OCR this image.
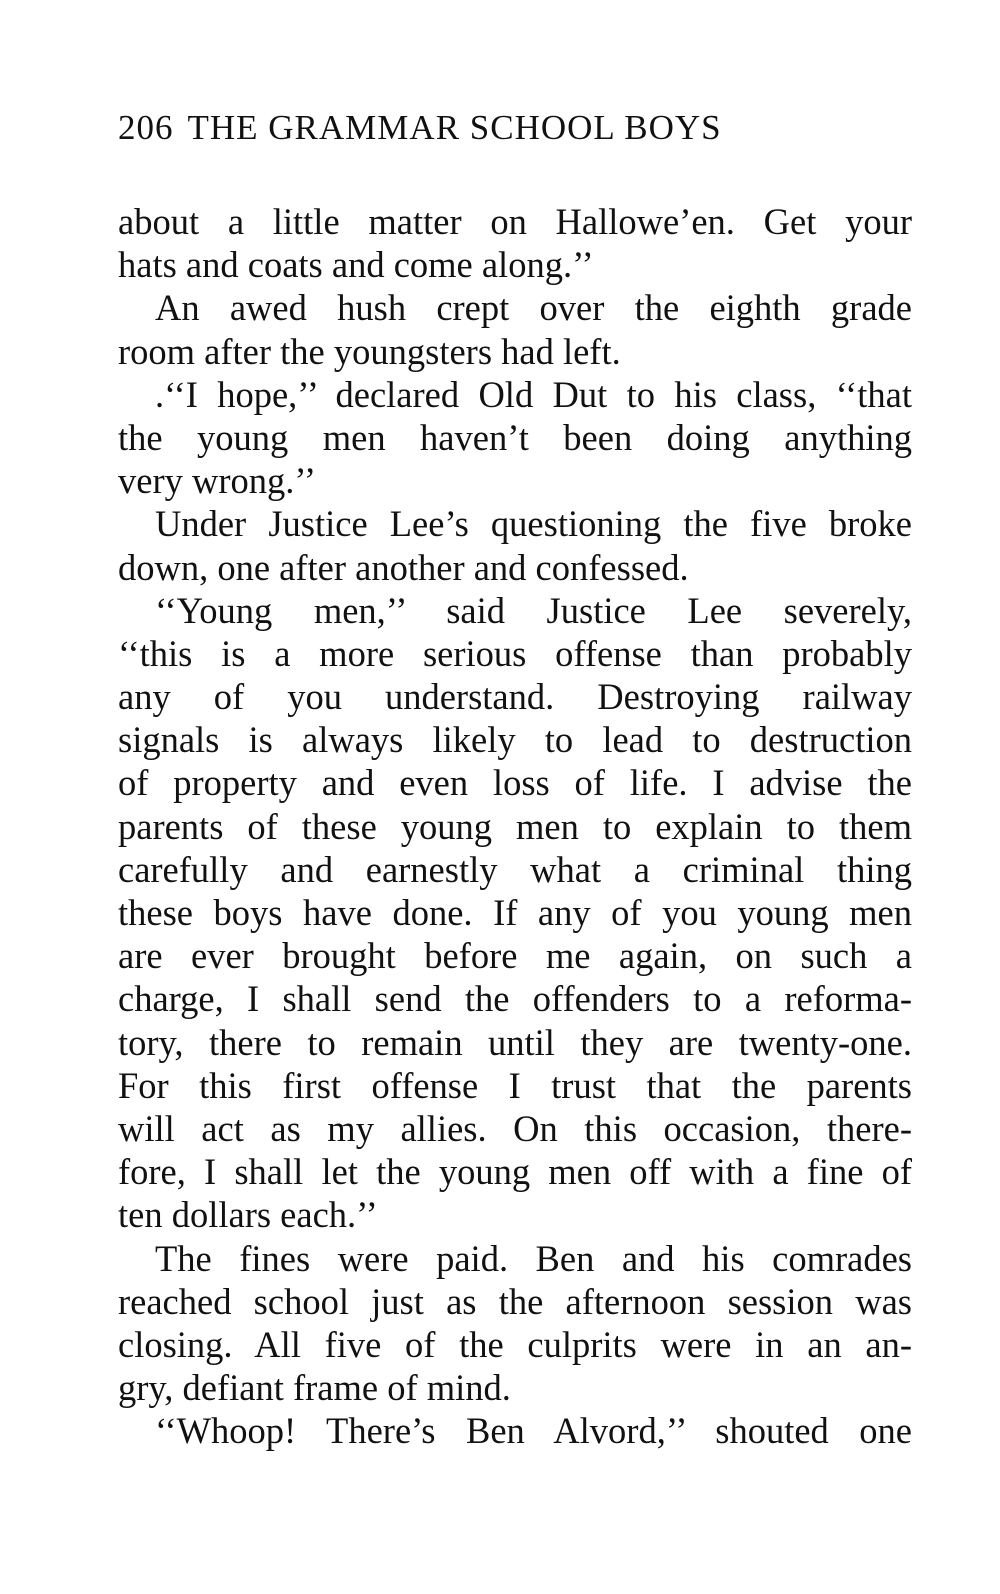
206 THE GRAMMAR SCHOOL BOYS
about a little matter on Hallowe’en. Get your
hats and coats and come along.’’
An awed hush crept over the eighth grade
room after the youngsters had left.
.‘‘I hope,’’ declared Old Dut to his class, ‘‘that
the young men haven’t been doing anything
very wrong.’’
Under Justice Lee’s questioning the five broke
down, one after another and confessed.
‘‘Young men,’’ said Justice Lee severely,
‘‘this is a more serious offense than probably
any of you understand. Destroying railway
signals is always likely to lead to destruction
of property and even loss of life. I advise the
parents of these young men to explain to them
carefully and earnestly what a criminal thing
these boys have done. If any of you young men
are ever brought before me again, on such a
charge, I shall send the offenders to a reforma-
tory, there to remain until they are twenty-one.
For this first offense I trust that the parents
will act as my allies. On this occasion, there-
fore, I shall let the young men off with a fine of
ten dollars each.’’
The fines were paid. Ben and his comrades
reached school just as the afternoon session was
closing. All five of the culprits were in an an-
gry, defiant frame of mind.
‘‘Whoop! There’s Ben Alvord,’’ shouted one
